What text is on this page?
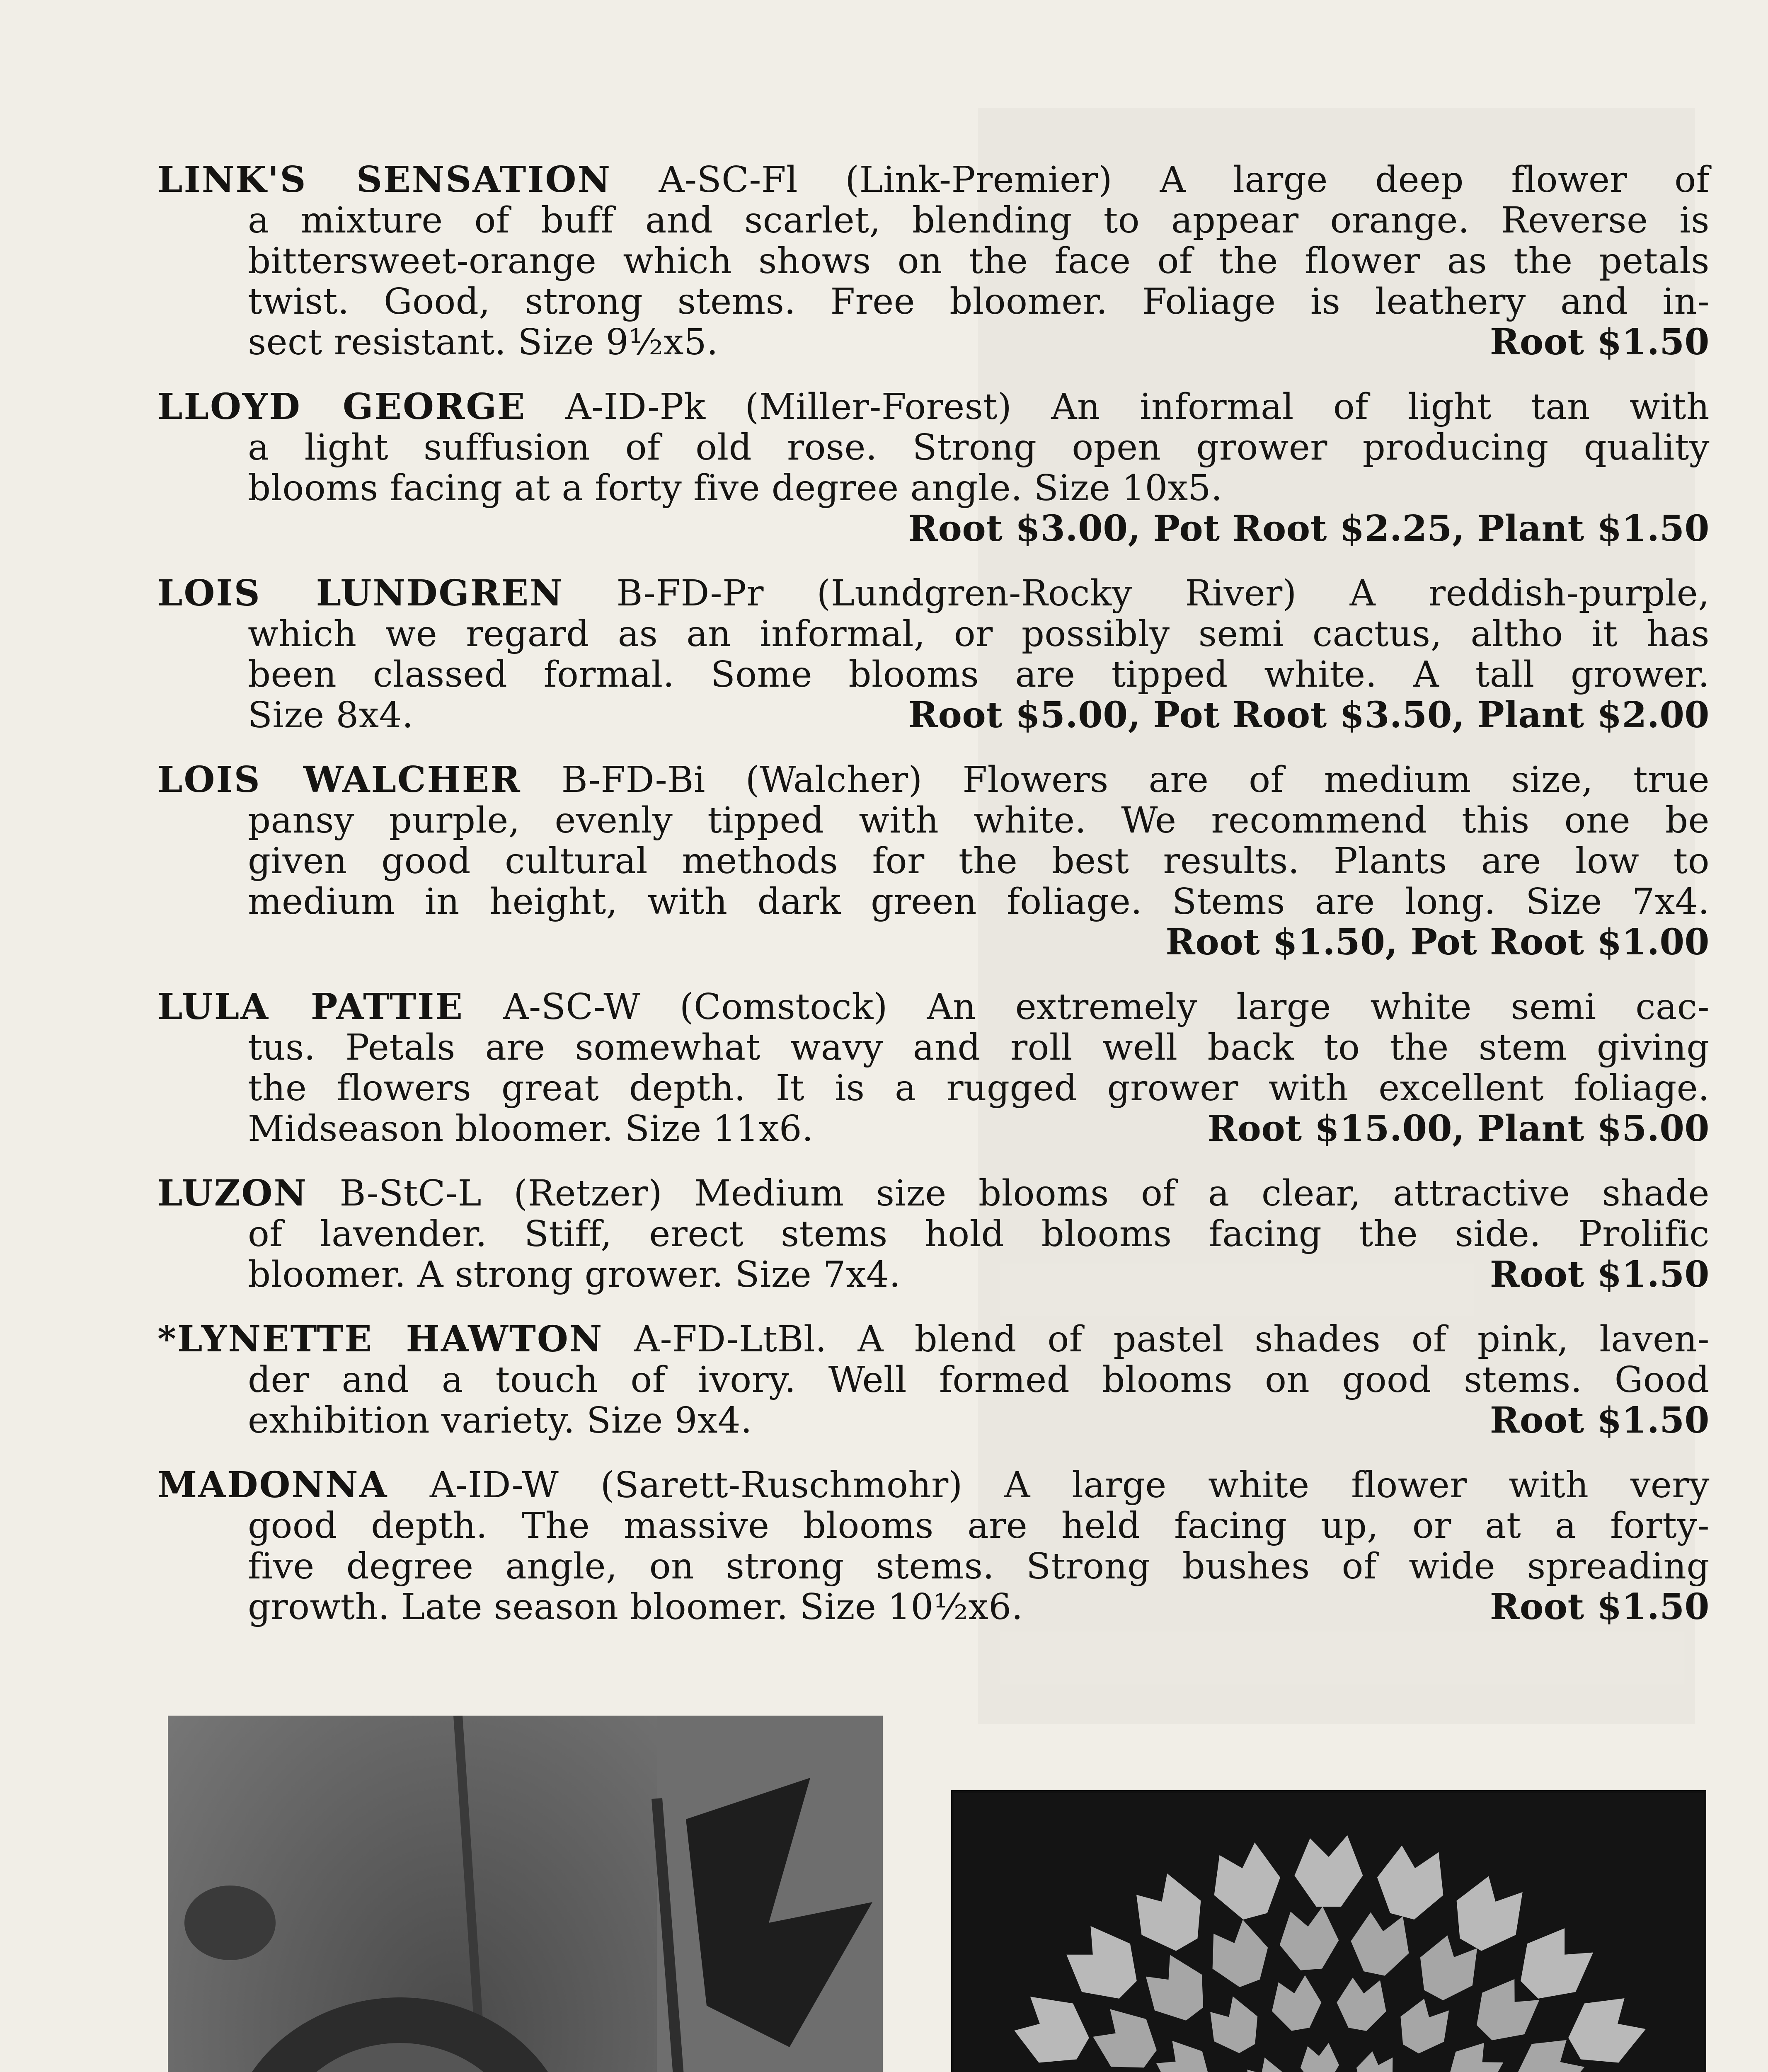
LINK'S SENSATION A-SC-Fl (Link-Premier) A large deep flower of
a mixture of buff and scarlet, blending to appear orange. Reverse is
bittersweet-orange which shows on the face of the flower as the petals
twist. Good, strong stems. Free bloomer. Foliage is leathery and in-
sect resistant. Size 9½x5.	Root $1.50
LLOYD GEORGE A-ID-Pk (Miller-Forest) An informal of light tan with
a light suffusion of old rose. Strong open grower producing quality
blooms facing at a forty five degree angle. Size 10x5.
Root $3.00, Pot Root $2.25, Plant $1.50
LOIS LUNDGREN B-FD-Pr (Lundgren-Rocky River) A reddish-purple,
which we regard as an informal, or possibly semi cactus, altho it has
been classed formal. Some blooms are tipped white. A tall grower.
Size 8x4.	Root $5.00, Pot Root $3.50, Plant $2.00
LOIS WALCHER B-FD-Bi (Walcher) Flowers are of medium size, true
pansy purple, evenly tipped with white. We recommend this one be
given good cultural methods for the best results. Plants are low to
medium in height, with dark green foliage. Stems are long. Size 7x4.
Root $1.50, Pot Root $1.00
LULA PATTIE A-SC-W (Comstock) An extremely large white semi cac-
tus. Petals are somewhat wavy and roll well back to the stem giving
the flowers great depth. It is a rugged grower with excellent foliage.
Midseason bloomer. Size 11x6.	Root $15.00, Plant $5.00
LUZON B-StC-L (Retzer) Medium size blooms of a clear, attractive shade
of lavender. Stiff, erect stems hold blooms facing the side. Prolific
bloomer. A strong grower. Size 7x4.	Root $1.50
*LYNETTE HAWTON A-FD-LtBl. A blend of pastel shades of pink, laven-
der and a touch of ivory. Well formed blooms on good stems. Good
exhibition variety. Size 9x4.	Root $1.50
MADONNA A-ID-W (Sarett-Ruschmohr) A large white flower with very
good depth. The massive blooms are held facing up, or at a forty-
five degree angle, on strong stems. Strong bushes of wide spreading
growth. Late season bloomer. Size 10½x6.	Root $1.50
